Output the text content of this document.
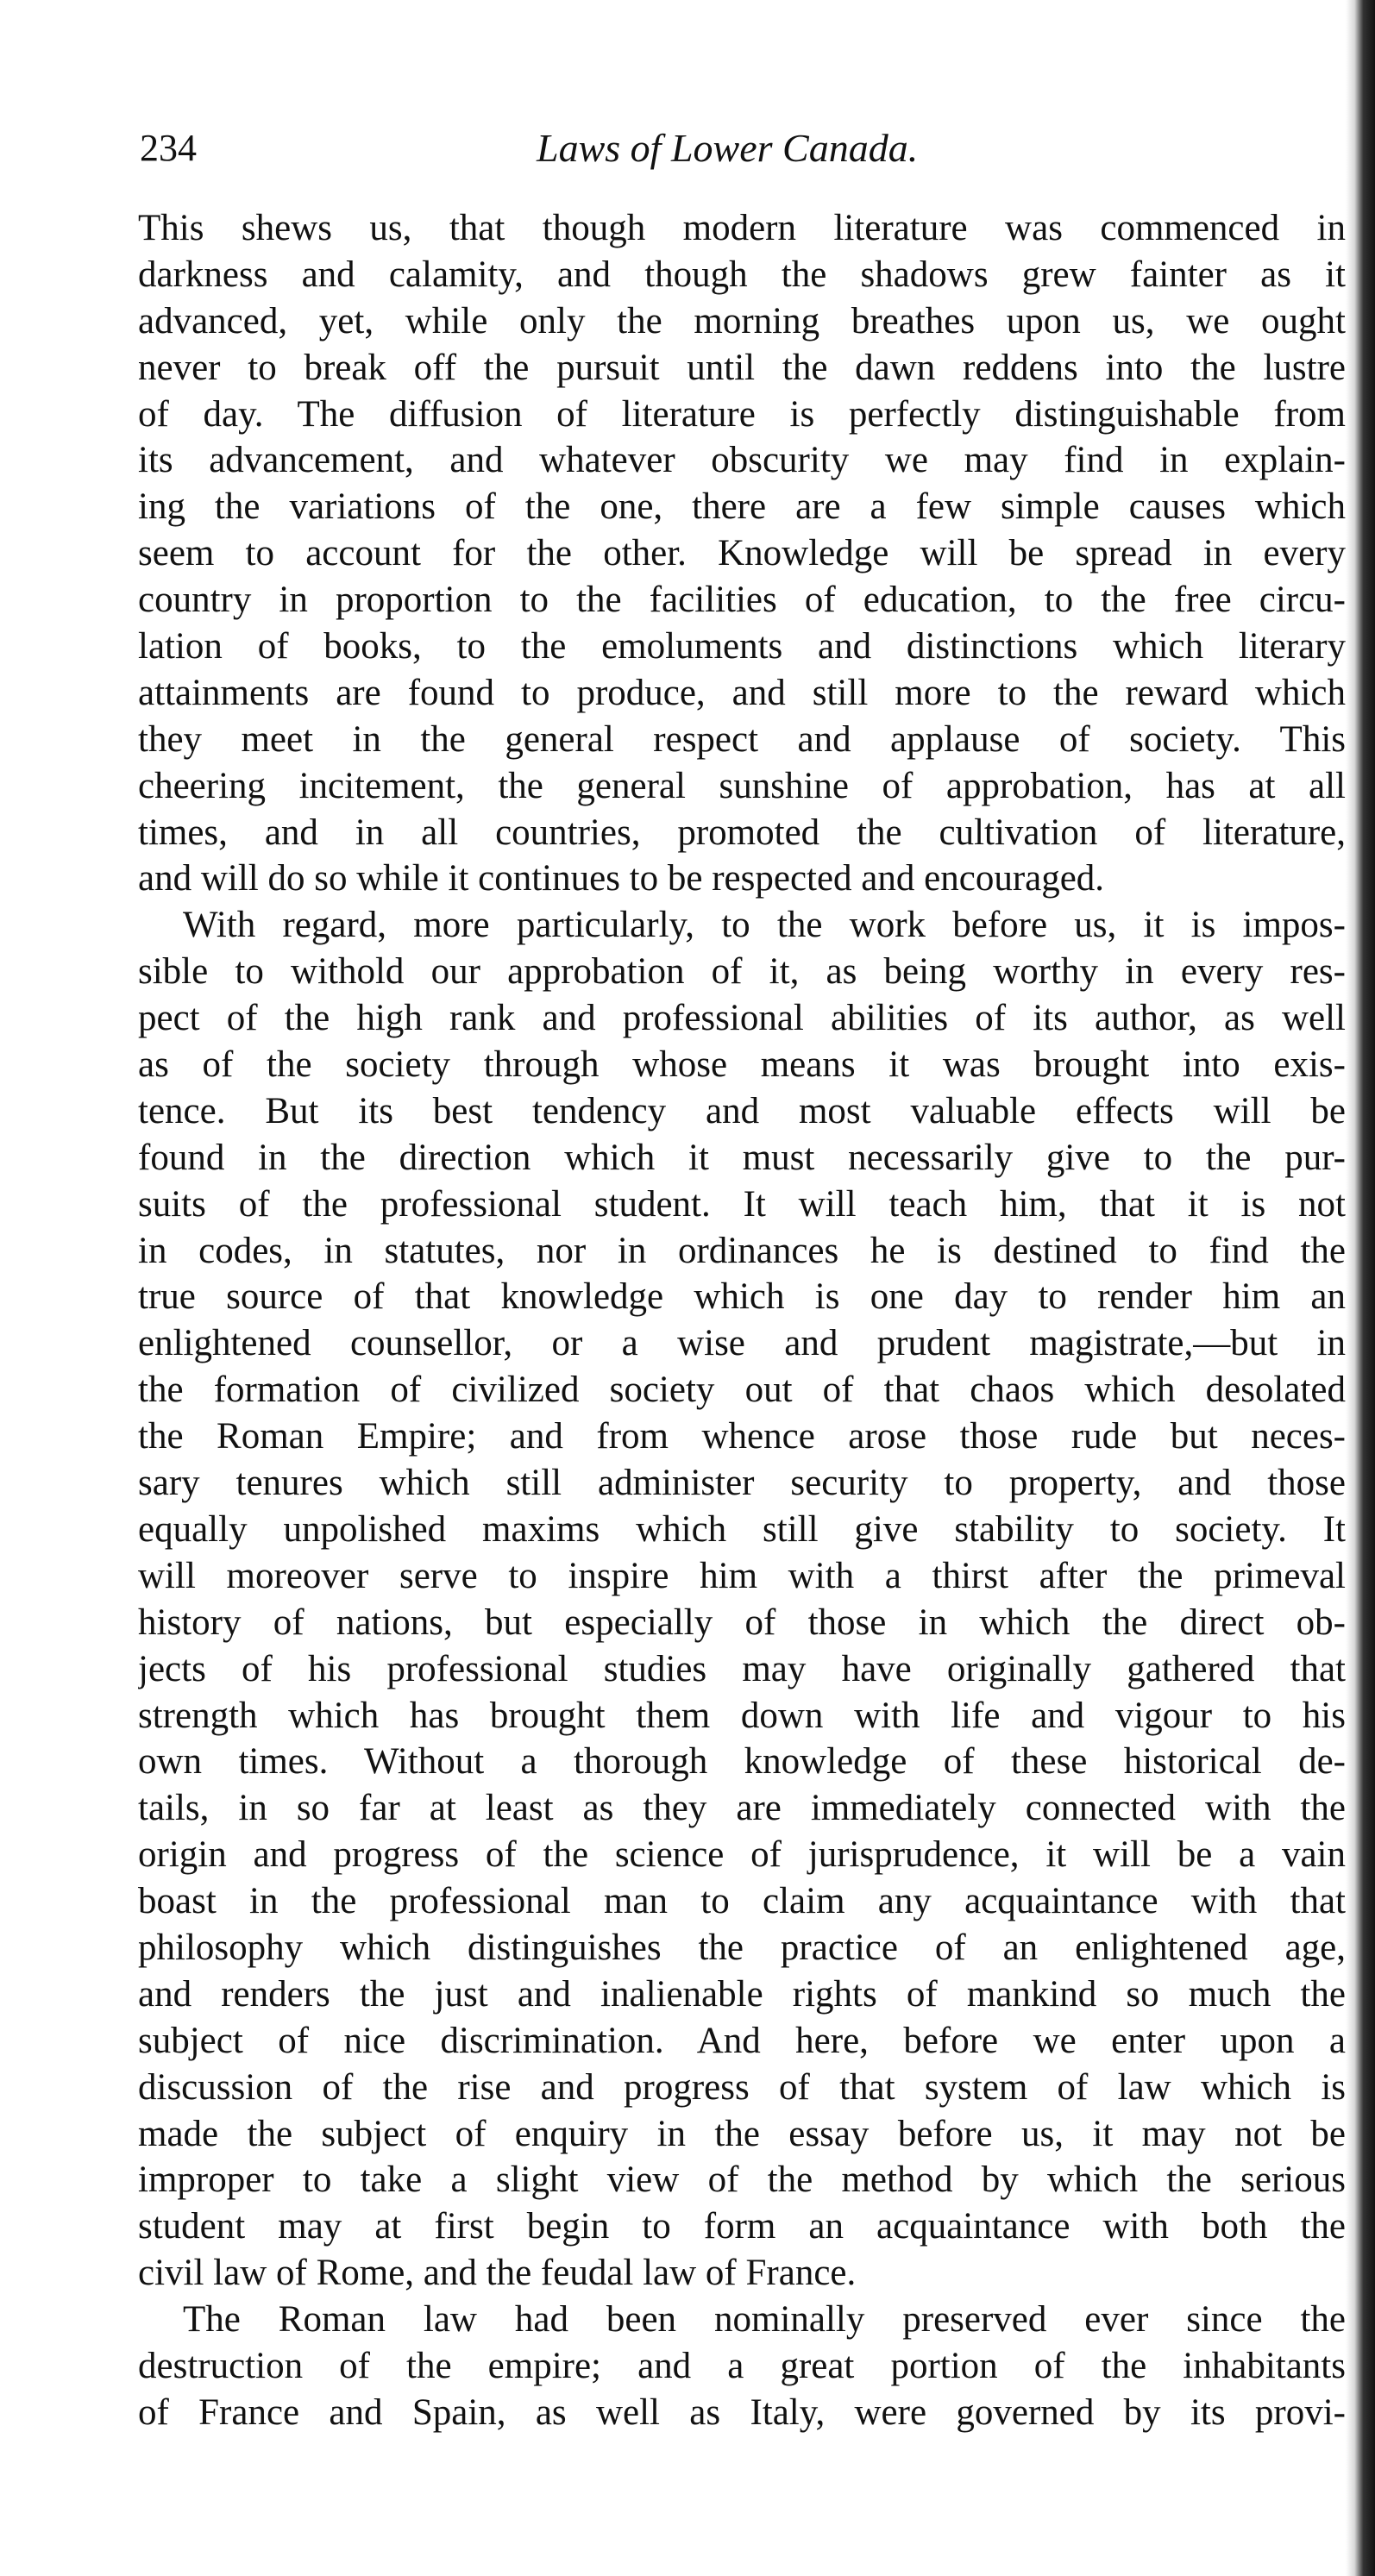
234	Laws of Lower Canada.
This shews us, that though modern literature was commenced in
darkness and calamity, and though the shadows grew fainter as it
advanced, yet, while only the morning breathes upon us, we ought
never to break off the pursuit until the dawn reddens into the lustre
of day. The diffusion of literature is perfectly distinguishable from
its advancement, and whatever obscurity we may find in explain-
ing the variations of the one, there are a few simple causes which
seem to account for the other. Knowledge will be spread in every
country in proportion to the facilities of education, to the free circu-
lation of books, to the emoluments and distinctions which literary
attainments are found to produce, and still more to the reward which
they meet in the general respect and applause of society. This
cheering incitement, the general sunshine of approbation, has at all
times, and in all countries, promoted the cultivation of literature,
and will do so while it continues to be respected and encouraged.
With regard, more particularly, to the work before us, it is impos-
sible to withold our approbation of it, as being worthy in every res-
pect of the high rank and professional abilities of its author, as well
as of the society through whose means it was brought into exis-
tence. But its best tendency and most valuable effects will be
found in the direction which it must necessarily give to the pur-
suits of the professional student. It will teach him, that it is not
in codes, in statutes, nor in ordinances he is destined to find the
true source of that knowledge which is one day to render him an
enlightened counsellor, or a wise and prudent magistrate,—but in
the formation of civilized society out of that chaos which desolated
the Roman Empire; and from whence arose those rude but neces-
sary tenures which still administer security to property, and those
equally unpolished maxims which still give stability to society. It
will moreover serve to inspire him with a thirst after the primeval
history of nations, but especially of those in which the direct ob-
jects of his professional studies may have originally gathered that
strength which has brought them down with life and vigour to his
own times. Without a thorough knowledge of these historical de-
tails, in so far at least as they are immediately connected with the
origin and progress of the science of jurisprudence, it will be a vain
boast in the professional man to claim any acquaintance with that
philosophy which distinguishes the practice of an enlightened age,
and renders the just and inalienable rights of mankind so much the
subject of nice discrimination. And here, before we enter upon a
discussion of the rise and progress of that system of law which is
made the subject of enquiry in the essay before us, it may not be
improper to take a slight view of the method by which the serious
student may at first begin to form an acquaintance with both the
civil law of Rome, and the feudal law of France.
The Roman law had been nominally preserved ever since the
destruction of the empire; and a great portion of the inhabitants
of France and Spain, as well as Italy, were governed by its provi-
